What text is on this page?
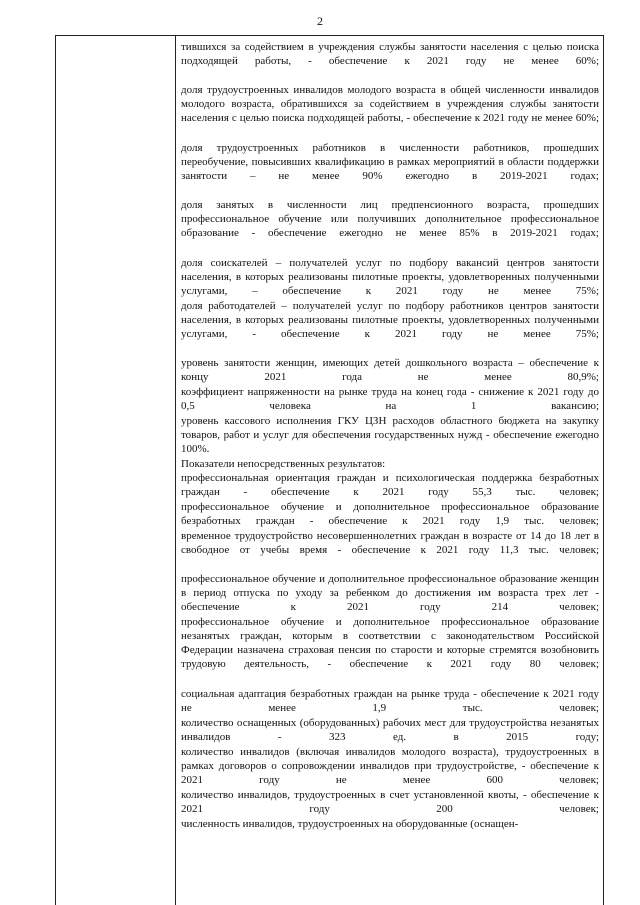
2

тившихся за содействием в учреждения службы занятости населения с целью поиска подходящей работы, - обеспечение к 2021 году не менее 60%;

доля трудоустроенных инвалидов молодого возраста в общей численности инвалидов молодого возраста, обратившихся за содействием в учреждения службы занятости населения с целью поиска подходящей работы, - обеспечение к 2021 году не менее 60%;

доля трудоустроенных работников в численности работников, прошедших переобучение, повысивших квалификацию в рамках мероприятий в области поддержки занятости – не менее 90% ежегодно в 2019-2021 годах;

доля занятых в численности лиц предпенсионного возраста, прошедших профессиональное обучение или получивших дополнительное профессиональное образование - обеспечение ежегодно не менее 85% в 2019-2021 годах;

доля соискателей – получателей услуг по подбору вакансий центров занятости населения, в которых реализованы пилотные проекты, удовлетворенных полученными услугами, – обеспечение к 2021 году не менее 75%;

доля работодателей – получателей услуг по подбору работников центров занятости населения, в которых реализованы пилотные проекты, удовлетворенных полученными услугами, - обеспечение к 2021 году не менее 75%;

уровень занятости женщин, имеющих детей дошкольного возраста – обеспечение к концу 2021 года не менее 80,9%;

коэффициент напряженности на рынке труда на конец года - снижение к 2021 году до 0,5 человека на 1 вакансию;

уровень кассового исполнения ГКУ ЦЗН расходов областного бюджета на закупку товаров, работ и услуг для обеспечения государственных нужд - обеспечение ежегодно 100%.

Показатели непосредственных результатов:

профессиональная ориентация граждан и психологическая поддержка безработных граждан - обеспечение к 2021 году 55,3 тыс. человек;

профессиональное обучение и дополнительное профессиональное образование безработных граждан - обеспечение к 2021 году 1,9 тыс. человек;

временное трудоустройство несовершеннолетних граждан в возрасте от 14 до 18 лет в свободное от учебы время - обеспечение к 2021 году 11,3 тыс. человек;

профессиональное обучение и дополнительное профессиональное образование женщин в период отпуска по уходу за ребенком до достижения им возраста трех лет - обеспечение к 2021 году 214 человек;

профессиональное обучение и дополнительное профессиональное образование незанятых граждан, которым в соответствии с законодательством Российской Федерации назначена страховая пенсия по старости и которые стремятся возобновить трудовую деятельность, - обеспечение к 2021 году 80 человек;

социальная адаптация безработных граждан на рынке труда - обеспечение к 2021 году не менее 1,9 тыс. человек;

количество оснащенных (оборудованных) рабочих мест для трудоустройства незанятых инвалидов - 323 ед. в 2015 году;

количество инвалидов (включая инвалидов молодого возраста), трудоустроенных в рамках договоров о сопровождении инвалидов при трудоустройстве, - обеспечение к 2021 году не менее 600 человек;

количество инвалидов, трудоустроенных в счет установленной квоты, - обеспечение к 2021 году 200 человек;

численность инвалидов, трудоустроенных на оборудованные (оснащен-
